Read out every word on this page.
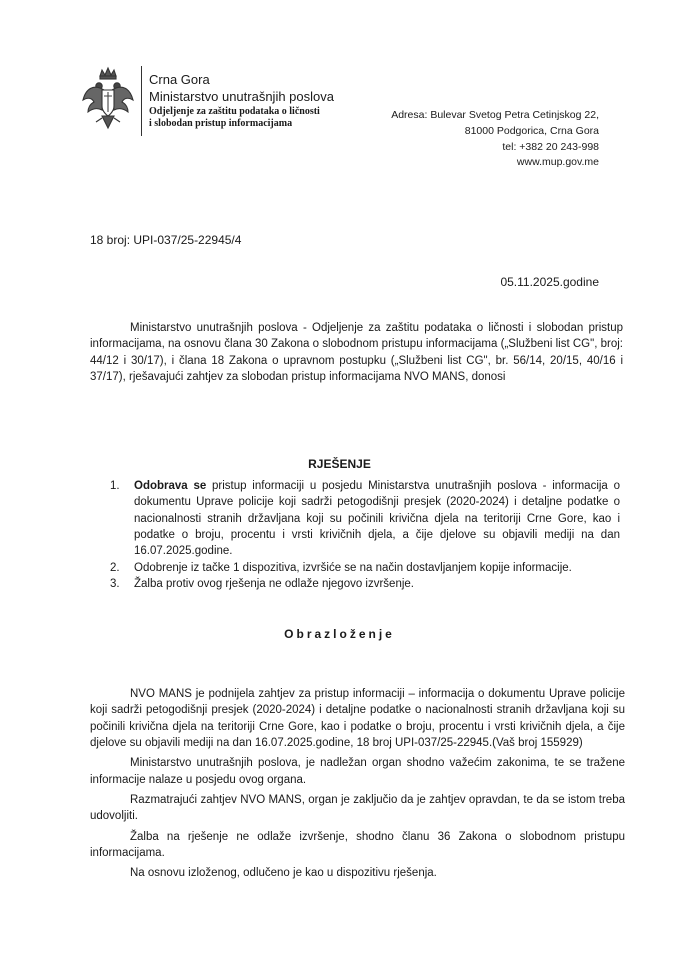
Crna Gora
Ministarstvo unutrašnjih poslova
Odjeljenje za zaštitu podataka o ličnosti
i slobodan pristup informacijama
Adresa: Bulevar Svetog Petra Cetinjskog 22,
81000 Podgorica, Crna Gora
tel: +382 20 243-998
www.mup.gov.me
18 broj: UPI-037/25-22945/4
05.11.2025.godine
Ministarstvo unutrašnjih poslova - Odjeljenje za zaštitu podataka o ličnosti i slobodan pristup informacijama, na osnovu člana 30 Zakona o slobodnom pristupu informacijama („Službeni list CG", broj: 44/12 i 30/17), i člana 18 Zakona o upravnom postupku („Službeni list CG", br. 56/14, 20/15, 40/16 i 37/17), rješavajući zahtjev za slobodan pristup informacijama NVO MANS, donosi
RJEŠENJE
1. Odobrava se pristup informaciji u posjedu Ministarstva unutrašnjih poslova - informacija o dokumentu Uprave policije koji sadrži petogodišnji presjek (2020-2024) i detaljne podatke o nacionalnosti stranih državljana koji su počinili krivična djela na teritoriji Crne Gore, kao i podatke o broju, procentu i vrsti krivičnih djela, a čije djelove su objavili mediji na dan 16.07.2025.godine.
2. Odobrenje iz tačke 1 dispozitiva, izvršiće se na način dostavljanjem kopije informacije.
3. Žalba protiv ovog rješenja ne odlaže njegovo izvršenje.
Obrazloženje

NVO MANS je podnijela zahtjev za pristup informaciji – informacija o dokumentu Uprave policije koji sadrži petogodišnji presjek (2020-2024) i detaljne podatke o nacionalnosti stranih državljana koji su počinili krivična djela na teritoriji Crne Gore, kao i podatke o broju, procentu i vrsti krivičnih djela, a čije djelove su objavili mediji na dan 16.07.2025.godine, 18 broj UPI-037/25-22945.(Vaš broj 155929)

Ministarstvo unutrašnjih poslova, je nadležan organ shodno važećim zakonima, te se tražene informacije nalaze u posjedu ovog organa.

Razmatrajući zahtjev NVO MANS, organ je zaključio da je zahtjev opravdan, te da se istom treba udovoljiti.

Žalba na rješenje ne odlaže izvršenje, shodno članu 36 Zakona o slobodnom pristupu informacijama.

Na osnovu izloženog, odlučeno je kao u dispozitivu rješenja.
